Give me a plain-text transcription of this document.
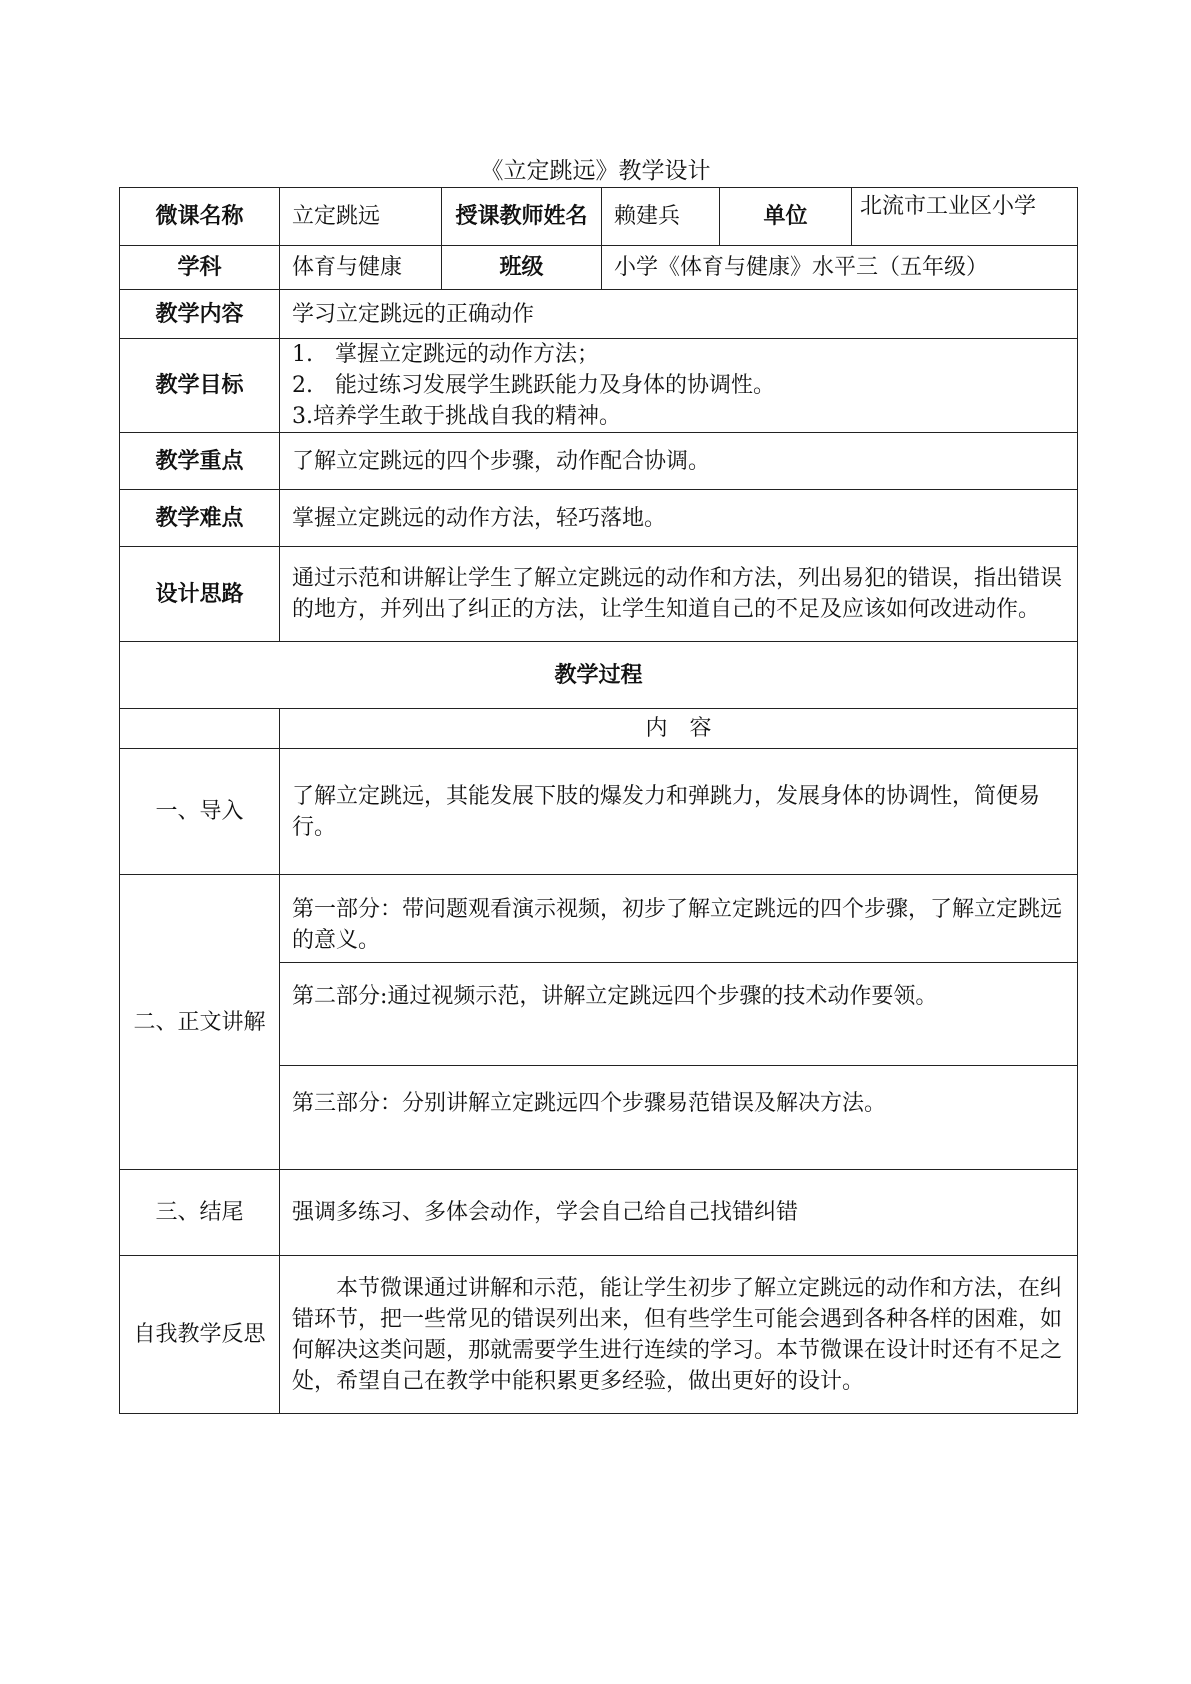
《立定跳远》教学设计
微课名称	立定跳远	授课教师姓名	赖建兵	单位	北流市工业区小学
学科	体育与健康	班级	小学《体育与健康》水平三（五年级）		
教学内容	学习立定跳远的正确动作				
教学目标	1.　掌握立定跳远的动作方法；
2.　能过练习发展学生跳跃能力及身体的协调性。
3.培养学生敢于挑战自我的精神。				

教学重点	了解立定跳远的四个步骤，动作配合协调。				
教学难点	掌握立定跳远的动作方法，轻巧落地。				
设计思路	通过示范和讲解让学生了解立定跳远的动作和方法，列出易犯的错误，指出错误的地方，并列出了纠正的方法，让学生知道自己的不足及应该如何改进动作。				
教学过程					
	内　容				
一、导入	了解立定跳远，其能发展下肢的爆发力和弹跳力，发展身体的协调性，简便易行。				
二、正文讲解	第一部分：带问题观看演示视频，初步了解立定跳远的四个步骤，了解立定跳远的意义。				
	第二部分:通过视频示范，讲解立定跳远四个步骤的技术动作要领。				
	第三部分：分别讲解立定跳远四个步骤易范错误及解决方法。				
三、结尾	强调多练习、多体会动作，学会自己给自己找错纠错				
自我教学反思	本节微课通过讲解和示范，能让学生初步了解立定跳远的动作和方法，在纠错环节，把一些常见的错误列出来，但有些学生可能会遇到各种各样的困难，如何解决这类问题，那就需要学生进行连续的学习。本节微课在设计时还有不足之处，希望自己在教学中能积累更多经验，做出更好的设计。				
